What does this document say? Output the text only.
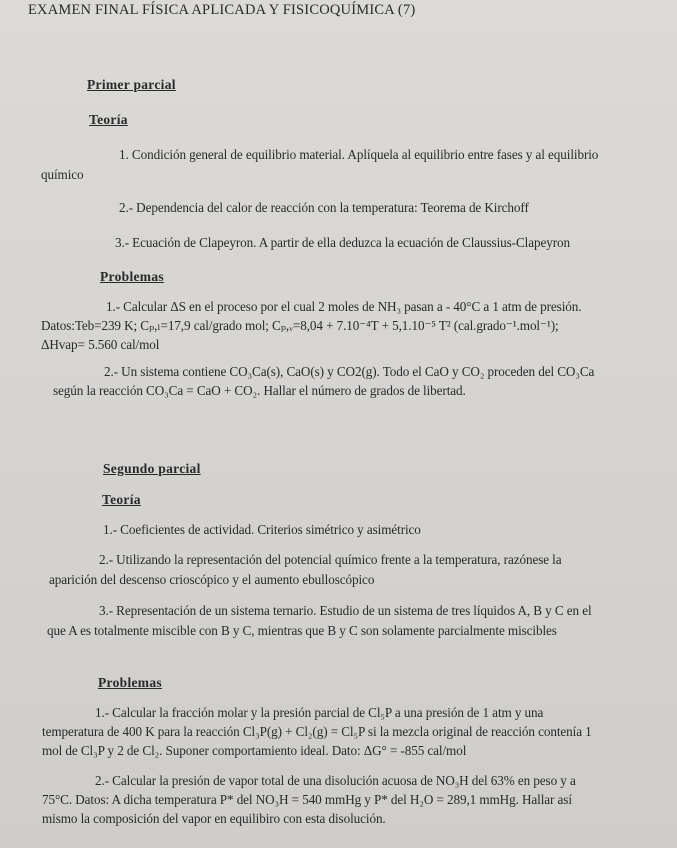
EXAMEN FINAL FÍSICA APLICADA Y FISICOQUÍMICA (7)
Primer parcial
Teoría
1. Condición general de equilibrio material. Aplíquela al equilibrio entre fases y al equilibrio
químico
2.- Dependencia del calor de reacción con la temperatura: Teorema de Kirchoff
3.- Ecuación de Clapeyron. A partir de ella deduzca la ecuación de Claussius-Clapeyron
Problemas
1.- Calcular ΔS en el proceso por el cual 2 moles de NH₃ pasan a - 40°C a 1 atm de presión.
Datos:Teb=239 K; Cₚ,ₗ=17,9 cal/grado mol; Cₚ,ᵥ=8,04 + 7.10⁻⁴T + 5,1.10⁻⁵ T² (cal.grado⁻¹.mol⁻¹);
ΔHvap= 5.560 cal/mol
2.- Un sistema contiene CO₃Ca(s), CaO(s) y CO2(g). Todo el CaO y CO₂ proceden del CO₃Ca
según la reacción CO₃Ca = CaO + CO₂. Hallar el número de grados de libertad.
Segundo parcial
Teoría
1.- Coeficientes de actividad. Criterios simétrico y asimétrico
2.- Utilizando la representación del potencial químico frente a la temperatura, razónese la
aparición del descenso crioscópico y el aumento ebulloscópico
3.- Representación de un sistema ternario. Estudio de un sistema de tres líquidos A, B y C en el
que A es totalmente miscible con B y C, mientras que B y C son solamente parcialmente miscibles
Problemas
1.- Calcular la fracción molar y la presión parcial de Cl₅P a una presión de 1 atm y una
temperatura de 400 K para la reacción Cl₃P(g) + Cl₂(g) = Cl₅P si la mezcla original de reacción contenía 1
mol de Cl₃P y 2 de Cl₂. Suponer comportamiento ideal. Dato: ΔG° = -855 cal/mol
2.- Calcular la presión de vapor total de una disolución acuosa de NO₃H del 63% en peso y a
75°C. Datos: A dicha temperatura P* del NO₃H = 540 mmHg y P* del H₂O = 289,1 mmHg. Hallar así
mismo la composición del vapor en equilibiro con esta disolución.
